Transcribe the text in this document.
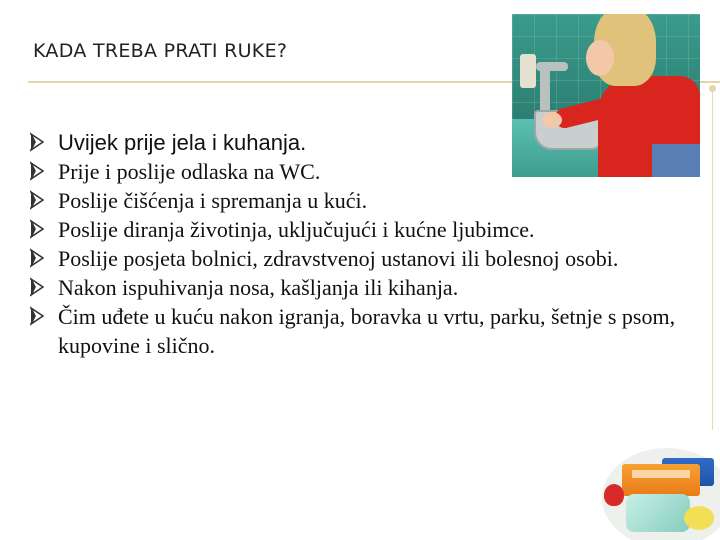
KADA TREBA PRATI RUKE?
Uvijek prije jela i kuhanja.
Prije i poslije odlaska na WC.
Poslije čišćenja i spremanja u kući.
Poslije diranja životinja, uključujući i kućne ljubimce.
Poslije posjeta bolnici, zdravstvenoj ustanovi ili bolesnoj osobi.
Nakon ispuhivanja nosa, kašljanja ili kihanja.
Čim uđete u kuću nakon igranja, boravka u vrtu, parku, šetnje s psom, kupovine i slično.
